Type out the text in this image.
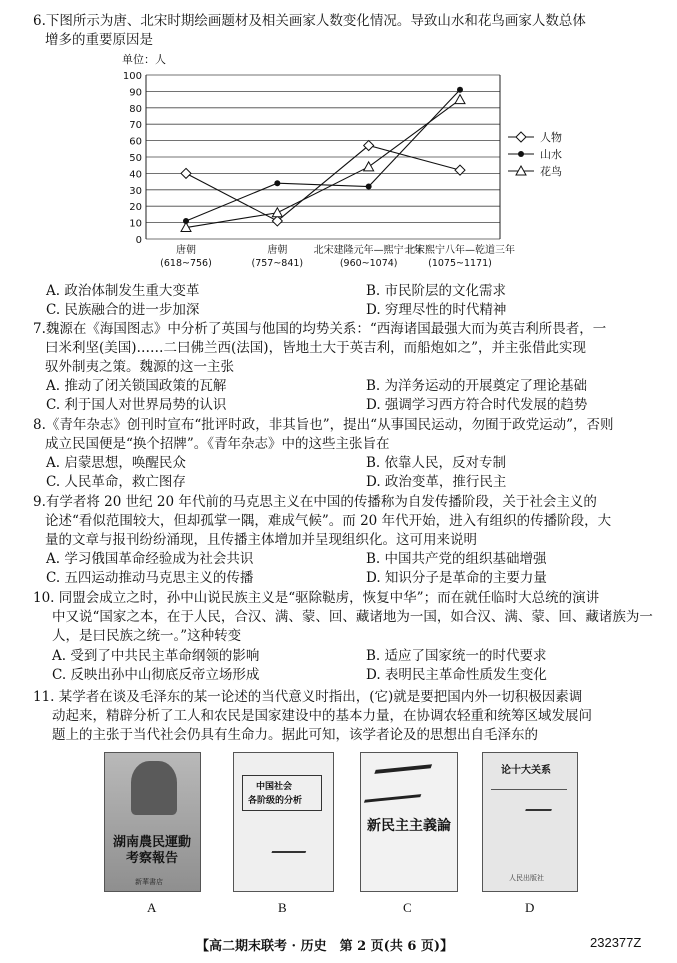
6.下图所示为唐、北宋时期绘画题材及相关画家人数变化情况。导致山水和花鸟画家人数总体
增多的重要原因是
单位：人
0
10
20
30
40
50
60
70
80
90
100
唐朝
(618~756)
唐朝
(757~841)
北宋建隆元年—熙宁十年
(960~1074)
北宋熙宁八年—乾道三年
(1075~1171)
人物
山水
花鸟
A. 政治体制发生重大变革	B. 市民阶层的文化需求
C. 民族融合的进一步加深	D. 穷理尽性的时代精神
7.魏源在《海国图志》中分析了英国与他国的均势关系：“西海诸国最强大而为英吉利所畏者，一
曰米利坚(美国)……二曰佛兰西(法国)，皆地土大于英吉利，而船炮如之”，并主张借此实现
驭外制夷之策。魏源的这一主张
A. 推动了闭关锁国政策的瓦解	B. 为洋务运动的开展奠定了理论基础
C. 利于国人对世界局势的认识	D. 强调学习西方符合时代发展的趋势
8.《青年杂志》创刊时宣布“批评时政，非其旨也”，提出“从事国民运动，勿囿于政党运动”，否则
成立民国便是“换个招牌”。《青年杂志》中的这些主张旨在
A. 启蒙思想，唤醒民众	B. 依靠人民，反对专制
C. 人民革命，救亡图存	D. 政治变革，推行民主
9.有学者将 20 世纪 20 年代前的马克思主义在中国的传播称为自发传播阶段，关于社会主义的
论述“看似范围较大，但却孤掌一隅，难成气候”。而 20 年代开始，进入有组织的传播阶段，大
量的文章与报刊纷纷涌现，且传播主体增加并呈现组织化。这可用来说明
A. 学习俄国革命经验成为社会共识	B. 中国共产党的组织基础增强
C. 五四运动推动马克思主义的传播	D. 知识分子是革命的主要力量
10. 同盟会成立之时，孙中山说民族主义是“驱除鞑虏，恢复中华”；而在就任临时大总统的演讲
中又说“国家之本，在于人民，合汉、满、蒙、回、藏诸地为一国，如合汉、满、蒙、回、藏诸族为一
人，是曰民族之统一。”这种转变
A. 受到了中共民主革命纲领的影响	B. 适应了国家统一的时代要求
C. 反映出孙中山彻底反帝立场形成	D. 表明民主革命性质发生变化
11. 某学者在谈及毛泽东的某一论述的当代意义时指出，(它)就是要把国内外一切积极因素调
动起来，精辟分析了工人和农民是国家建设中的基本力量，在协调农轻重和统筹区域发展问
题上的主张于当代社会仍具有生命力。据此可知，该学者论及的思想出自毛泽东的
湖南農民運動考察報告
新華書店
A
中国社会
各阶级的分析
B
新民主主義論
C
论十大关系
人民出版社
D
【高二期末联考 · 历史　第 2 页(共 6 页)】	232377Z
